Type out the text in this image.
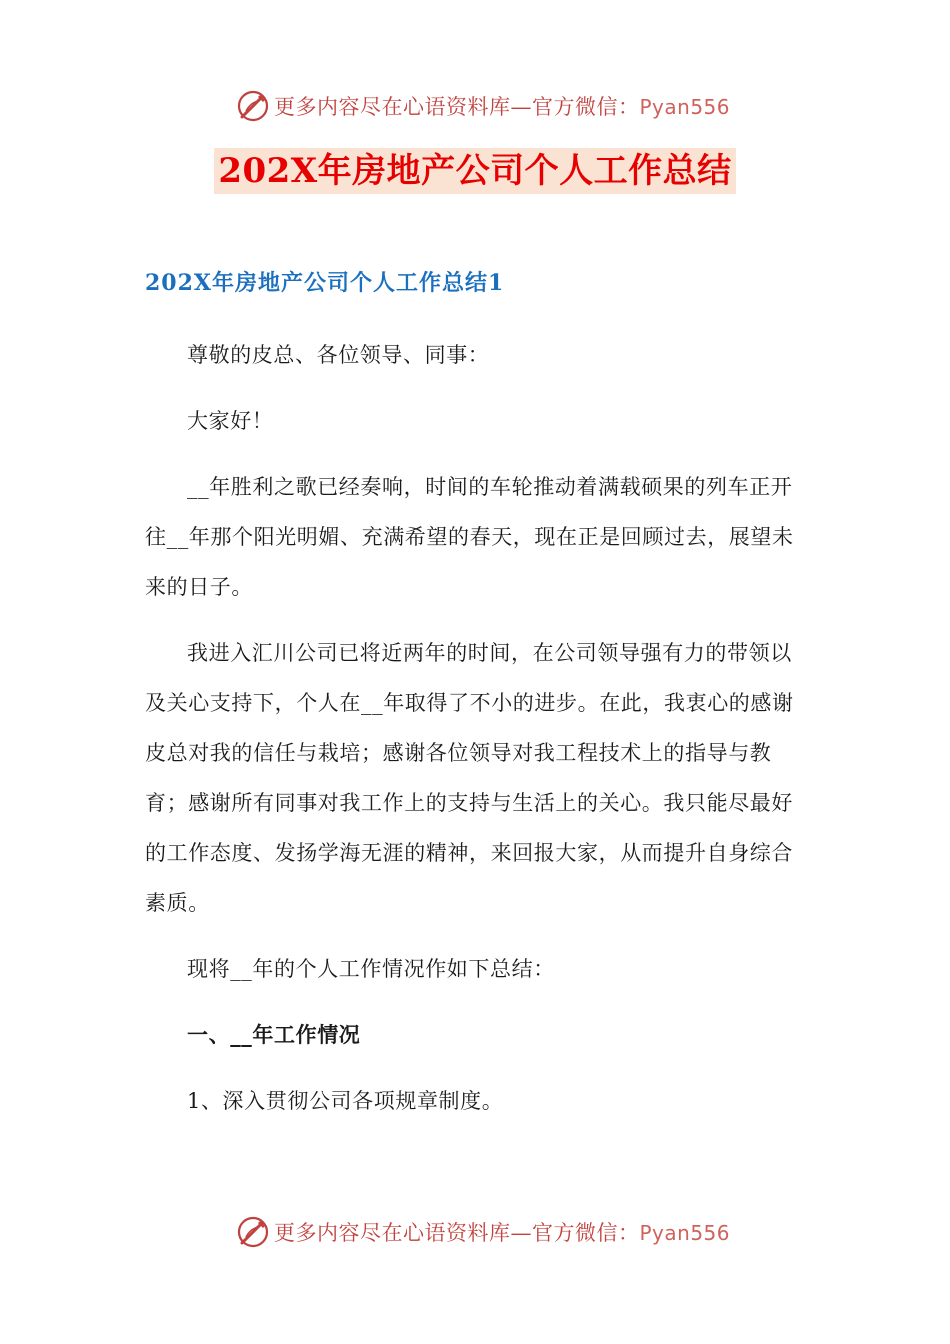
更多内容尽在心语资料库—官方微信：Pyan556
202X年房地产公司个人工作总结
202X年房地产公司个人工作总结1

尊敬的皮总、各位领导、同事：

大家好！

__年胜利之歌已经奏响，时间的车轮推动着满载硕果的列车正开往__年那个阳光明媚、充满希望的春天，现在正是回顾过去，展望未来的日子。

我进入汇川公司已将近两年的时间，在公司领导强有力的带领以及关心支持下，个人在__年取得了不小的进步。在此，我衷心的感谢皮总对我的信任与栽培；感谢各位领导对我工程技术上的指导与教育；感谢所有同事对我工作上的支持与生活上的关心。我只能尽最好的工作态度、发扬学海无涯的精神，来回报大家，从而提升自身综合素质。

现将__年的个人工作情况作如下总结：

一、__年工作情况

1、深入贯彻公司各项规章制度。

更多内容尽在心语资料库—官方微信：Pyan556
